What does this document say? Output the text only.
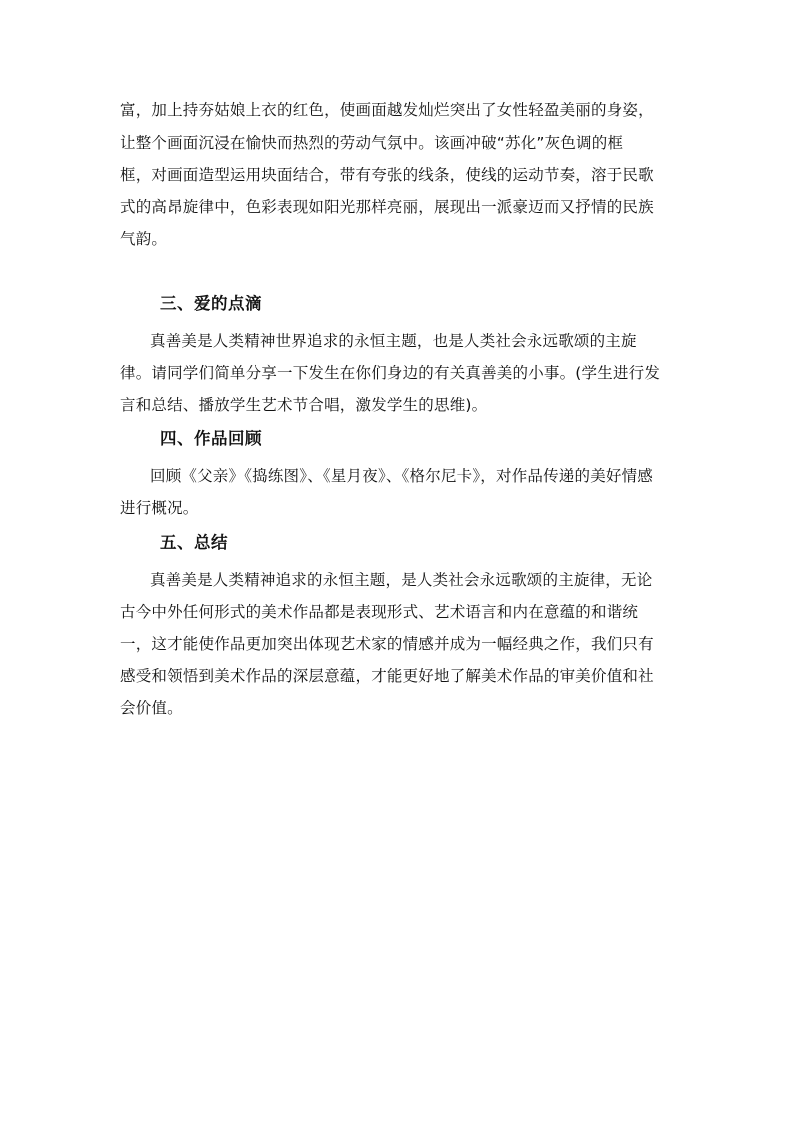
富，加上持夯姑娘上衣的红色，使画面越发灿烂突出了女性轻盈美丽的身姿，
让整个画面沉浸在愉快而热烈的劳动气氛中。该画冲破“苏化”灰色调的框
框，对画面造型运用块面结合，带有夸张的线条，使线的运动节奏，溶于民歌
式的高昂旋律中，色彩表现如阳光那样亮丽，展现出一派豪迈而又抒情的民族
气韵。
三、爱的点滴
真善美是人类精神世界追求的永恒主题，也是人类社会永远歌颂的主旋
律。请同学们简单分享一下发生在你们身边的有关真善美的小事。(学生进行发
言和总结、播放学生艺术节合唱，激发学生的思维)。
四、作品回顾
回顾《父亲》《捣练图》、《星月夜》、《格尔尼卡》，对作品传递的美好情感
进行概况。
五、总结
真善美是人类精神追求的永恒主题，是人类社会永远歌颂的主旋律，无论
古今中外任何形式的美术作品都是表现形式、艺术语言和内在意蕴的和谐统
一，这才能使作品更加突出体现艺术家的情感并成为一幅经典之作，我们只有
感受和领悟到美术作品的深层意蕴，才能更好地了解美术作品的审美价值和社
会价值。
